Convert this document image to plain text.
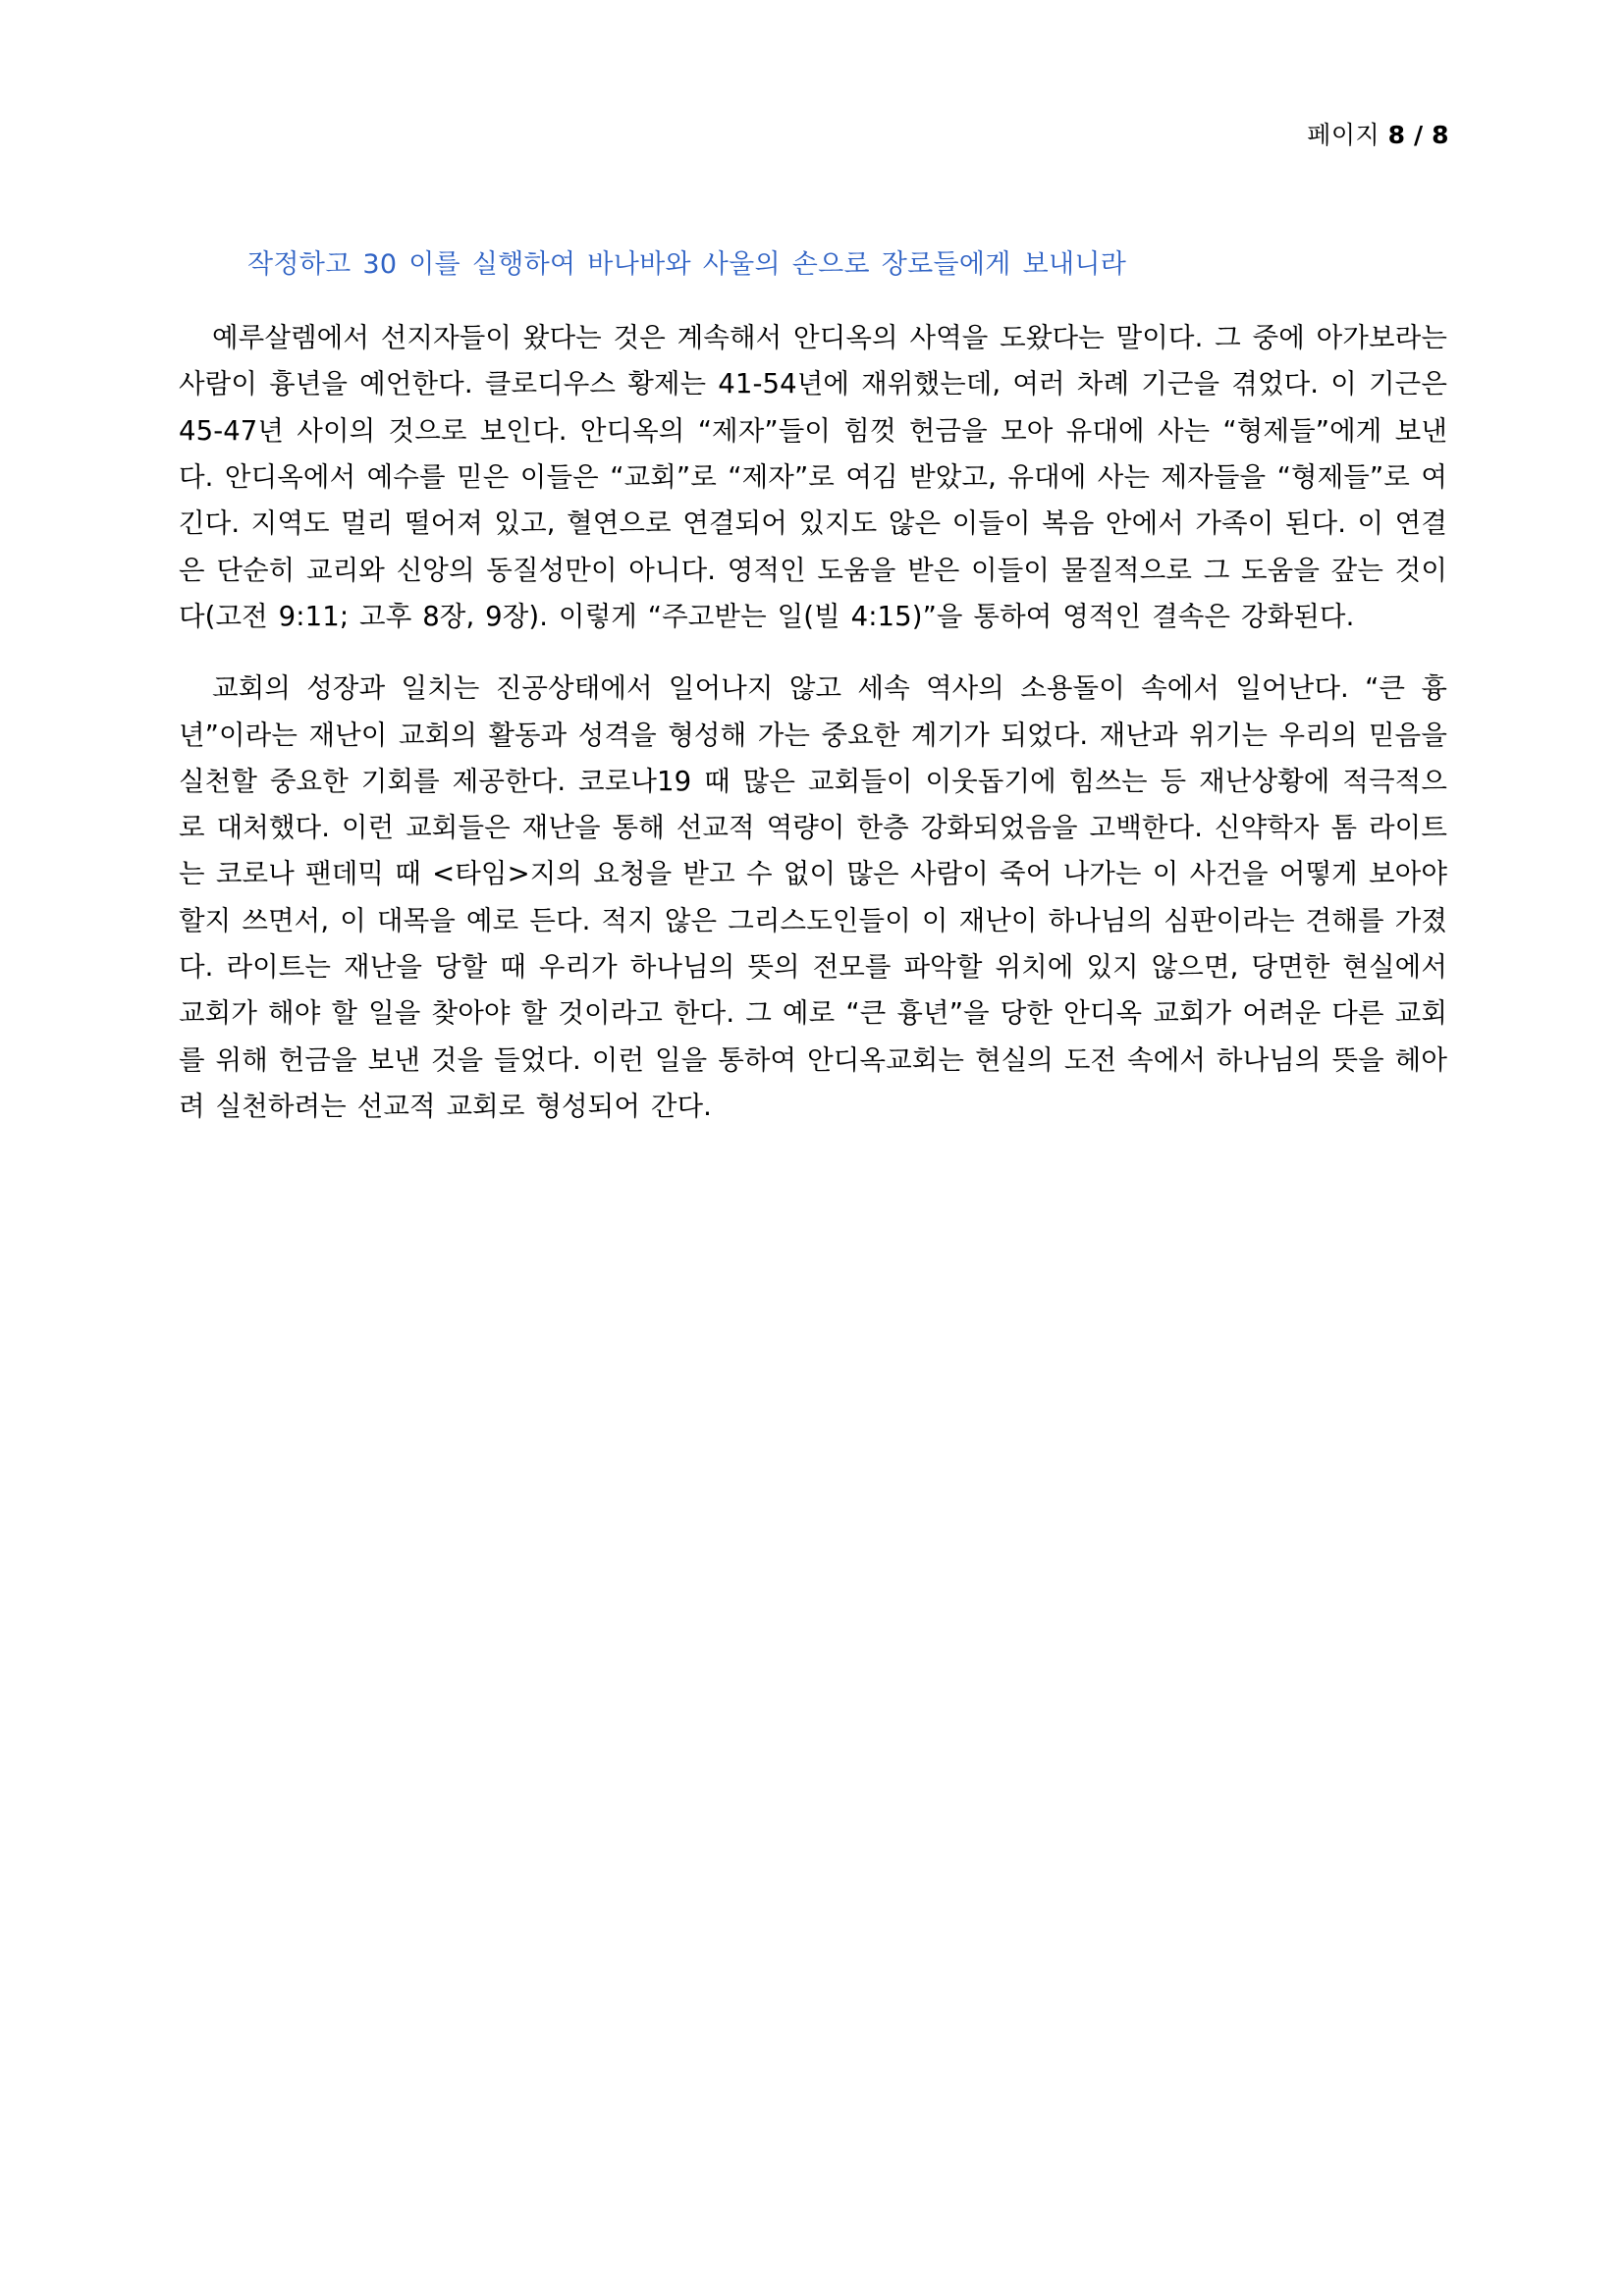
페이지 8 / 8

작정하고 30 이를 실행하여 바나바와 사울의 손으로 장로들에게 보내니라

예루살렘에서 선지자들이 왔다는 것은 계속해서 안디옥의 사역을 도왔다는 말이다. 그 중에 아가보라는 사람이 흉년을 예언한다. 클로디우스 황제는 41-54년에 재위했는데, 여러 차례 기근을 겪었다. 이 기근은 45-47년 사이의 것으로 보인다. 안디옥의 “제자”들이 힘껏 헌금을 모아 유대에 사는 “형제들”에게 보낸다. 안디옥에서 예수를 믿은 이들은 “교회”로 “제자”로 여김 받았고, 유대에 사는 제자들을 “형제들”로 여긴다. 지역도 멀리 떨어져 있고, 혈연으로 연결되어 있지도 않은 이들이 복음 안에서 가족이 된다. 이 연결은 단순히 교리와 신앙의 동질성만이 아니다. 영적인 도움을 받은 이들이 물질적으로 그 도움을 갚는 것이다(고전 9:11; 고후 8장, 9장). 이렇게 “주고받는 일(빌 4:15)”을 통하여 영적인 결속은 강화된다.

교회의 성장과 일치는 진공상태에서 일어나지 않고 세속 역사의 소용돌이 속에서 일어난다. “큰 흉년”이라는 재난이 교회의 활동과 성격을 형성해 가는 중요한 계기가 되었다. 재난과 위기는 우리의 믿음을 실천할 중요한 기회를 제공한다. 코로나19 때 많은 교회들이 이웃돕기에 힘쓰는 등 재난상황에 적극적으로 대처했다. 이런 교회들은 재난을 통해 선교적 역량이 한층 강화되었음을 고백한다. 신약학자 톰 라이트는 코로나 팬데믹 때 <타임>지의 요청을 받고 수 없이 많은 사람이 죽어 나가는 이 사건을 어떻게 보아야 할지 쓰면서, 이 대목을 예로 든다. 적지 않은 그리스도인들이 이 재난이 하나님의 심판이라는 견해를 가졌다. 라이트는 재난을 당할 때 우리가 하나님의 뜻의 전모를 파악할 위치에 있지 않으면, 당면한 현실에서 교회가 해야 할 일을 찾아야 할 것이라고 한다. 그 예로 “큰 흉년”을 당한 안디옥 교회가 어려운 다른 교회를 위해 헌금을 보낸 것을 들었다. 이런 일을 통하여 안디옥교회는 현실의 도전 속에서 하나님의 뜻을 헤아려 실천하려는 선교적 교회로 형성되어 간다.
